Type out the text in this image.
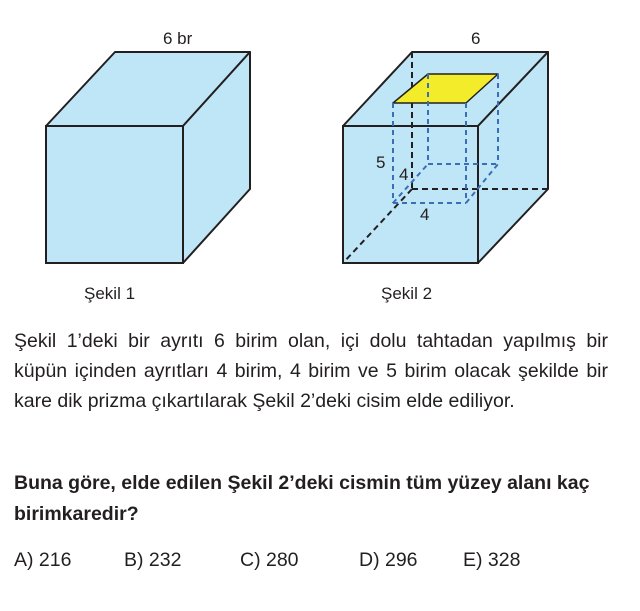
6 br
Şekil 1
6
5
4
4
Şekil 2
Şekil 1’deki bir ayrıtı 6 birim olan, içi dolu tahtadan yapılmış bir küpün içinden ayrıtları 4 birim, 4 birim ve 5 birim olacak şekilde bir kare dik prizma çıkartılarak Şekil 2’deki cisim elde ediliyor.
Buna göre, elde edilen Şekil 2’deki cismin tüm yüzey alanı kaç birimkaredir?
A) 216	B) 232	C) 280	D) 296 E) 328
